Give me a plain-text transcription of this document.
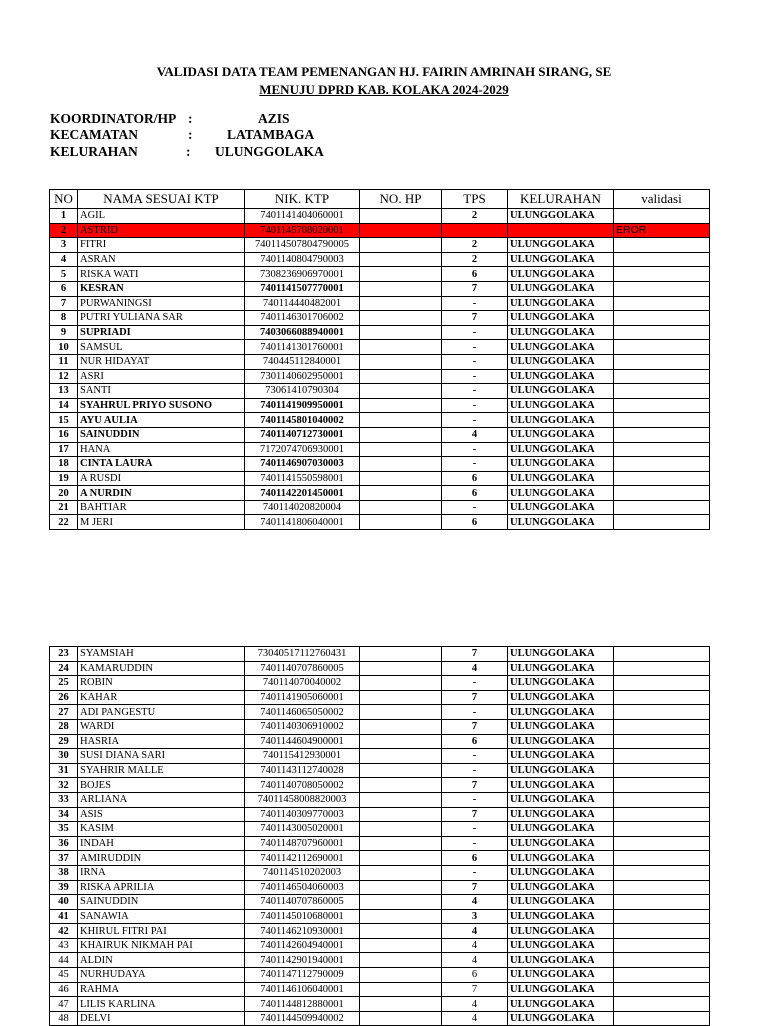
VALIDASI DATA TEAM PEMENANGAN HJ. FAIRIN AMRINAH SIRANG, SE
MENUJU DPRD KAB. KOLAKA 2024-2029
KOORDINATOR/HP :	AZIS
KECAMATAN	:	LATAMBAGA
KELURAHAN	: ULUNGGOLAKA
NO	NAMA SESUAI KTP	NIK. KTP	NO. HP	TPS	KELURAHAN	validasi
1	AGIL	7401141404060001		2	ULUNGGOLAKA	
2	ASTRID	7401145708020001				EROR
3	FITRI	740114507804790005		2	ULUNGGOLAKA	
4	ASRAN	7401140804790003		2	ULUNGGOLAKA	
5	RISKA WATI	7308236906970001		6	ULUNGGOLAKA	
6	KESRAN	7401141507770001		7	ULUNGGOLAKA	
7	PURWANINGSI	740114440482001		-	ULUNGGOLAKA	
8	PUTRI YULIANA SAR	7401146301706002		7	ULUNGGOLAKA	
9	SUPRIADI	7403066088940001		-	ULUNGGOLAKA	
10	SAMSUL	7401141301760001		-	ULUNGGOLAKA	
11	NUR HIDAYAT	740445112840001		-	ULUNGGOLAKA	
12	ASRI	7301140602950001		-	ULUNGGOLAKA	
13	SANTI	73061410790304		-	ULUNGGOLAKA	
14	SYAHRUL PRIYO SUSONO	7401141909950001		-	ULUNGGOLAKA	
15	AYU AULIA	7401145801040002		-	ULUNGGOLAKA	
16	SAINUDDIN	7401140712730001		4	ULUNGGOLAKA	
17	HANA	7172074706930001		-	ULUNGGOLAKA	
18	CINTA LAURA	7401146907030003		-	ULUNGGOLAKA	
19	A RUSDI	7401141550598001		6	ULUNGGOLAKA	
20	A NURDIN	7401142201450001		6	ULUNGGOLAKA	
21	BAHTIAR	740114020820004		-	ULUNGGOLAKA	
22	M JERI	7401141806040001		6	ULUNGGOLAKA	
23	SYAMSIAH	73040517112760431		7	ULUNGGOLAKA	
24	KAMARUDDIN	7401140707860005		4	ULUNGGOLAKA	
25	ROBIN	740114070040002		-	ULUNGGOLAKA	
26	KAHAR	7401141905060001		7	ULUNGGOLAKA	
27	ADI PANGESTU	7401146065050002		-	ULUNGGOLAKA	
28	WARDI	7401140306910002		7	ULUNGGOLAKA	
29	HASRIA	7401144604900001		6	ULUNGGOLAKA	
30	SUSI DIANA SARI	740115412930001		-	ULUNGGOLAKA	
31	SYAHRIR MALLE	7401143112740028		-	ULUNGGOLAKA	
32	BOJES	7401140708050002		7	ULUNGGOLAKA	
33	ARLIANA	74011458008820003		-	ULUNGGOLAKA	
34	ASIS	7401140309770003		7	ULUNGGOLAKA	
35	KASIM	7401143005020001		-	ULUNGGOLAKA	
36	INDAH	7401148707960001		-	ULUNGGOLAKA	
37	AMIRUDDIN	7401142112690001		6	ULUNGGOLAKA	
38	IRNA	740114510202003		-	ULUNGGOLAKA	
39	RISKA APRILIA	7401146504060003		7	ULUNGGOLAKA	
40	SAINUDDIN	7401140707860005		4	ULUNGGOLAKA	
41	SANAWIA	7401145010680001		3	ULUNGGOLAKA	
42	KHIRUL FITRI PAI	7401146210930001		4	ULUNGGOLAKA	
43	KHAIRUK NIKMAH PAI	7401142604940001		4	ULUNGGOLAKA	
44	ALDIN	7401142901940001		4	ULUNGGOLAKA	
45	NURHUDAYA	7401147112790009		6	ULUNGGOLAKA	
46	RAHMA	7401146106040001		7	ULUNGGOLAKA	
47	LILIS KARLINA	7401144812880001		4	ULUNGGOLAKA	
48	DELVI	7401144509940002		4	ULUNGGOLAKA	
